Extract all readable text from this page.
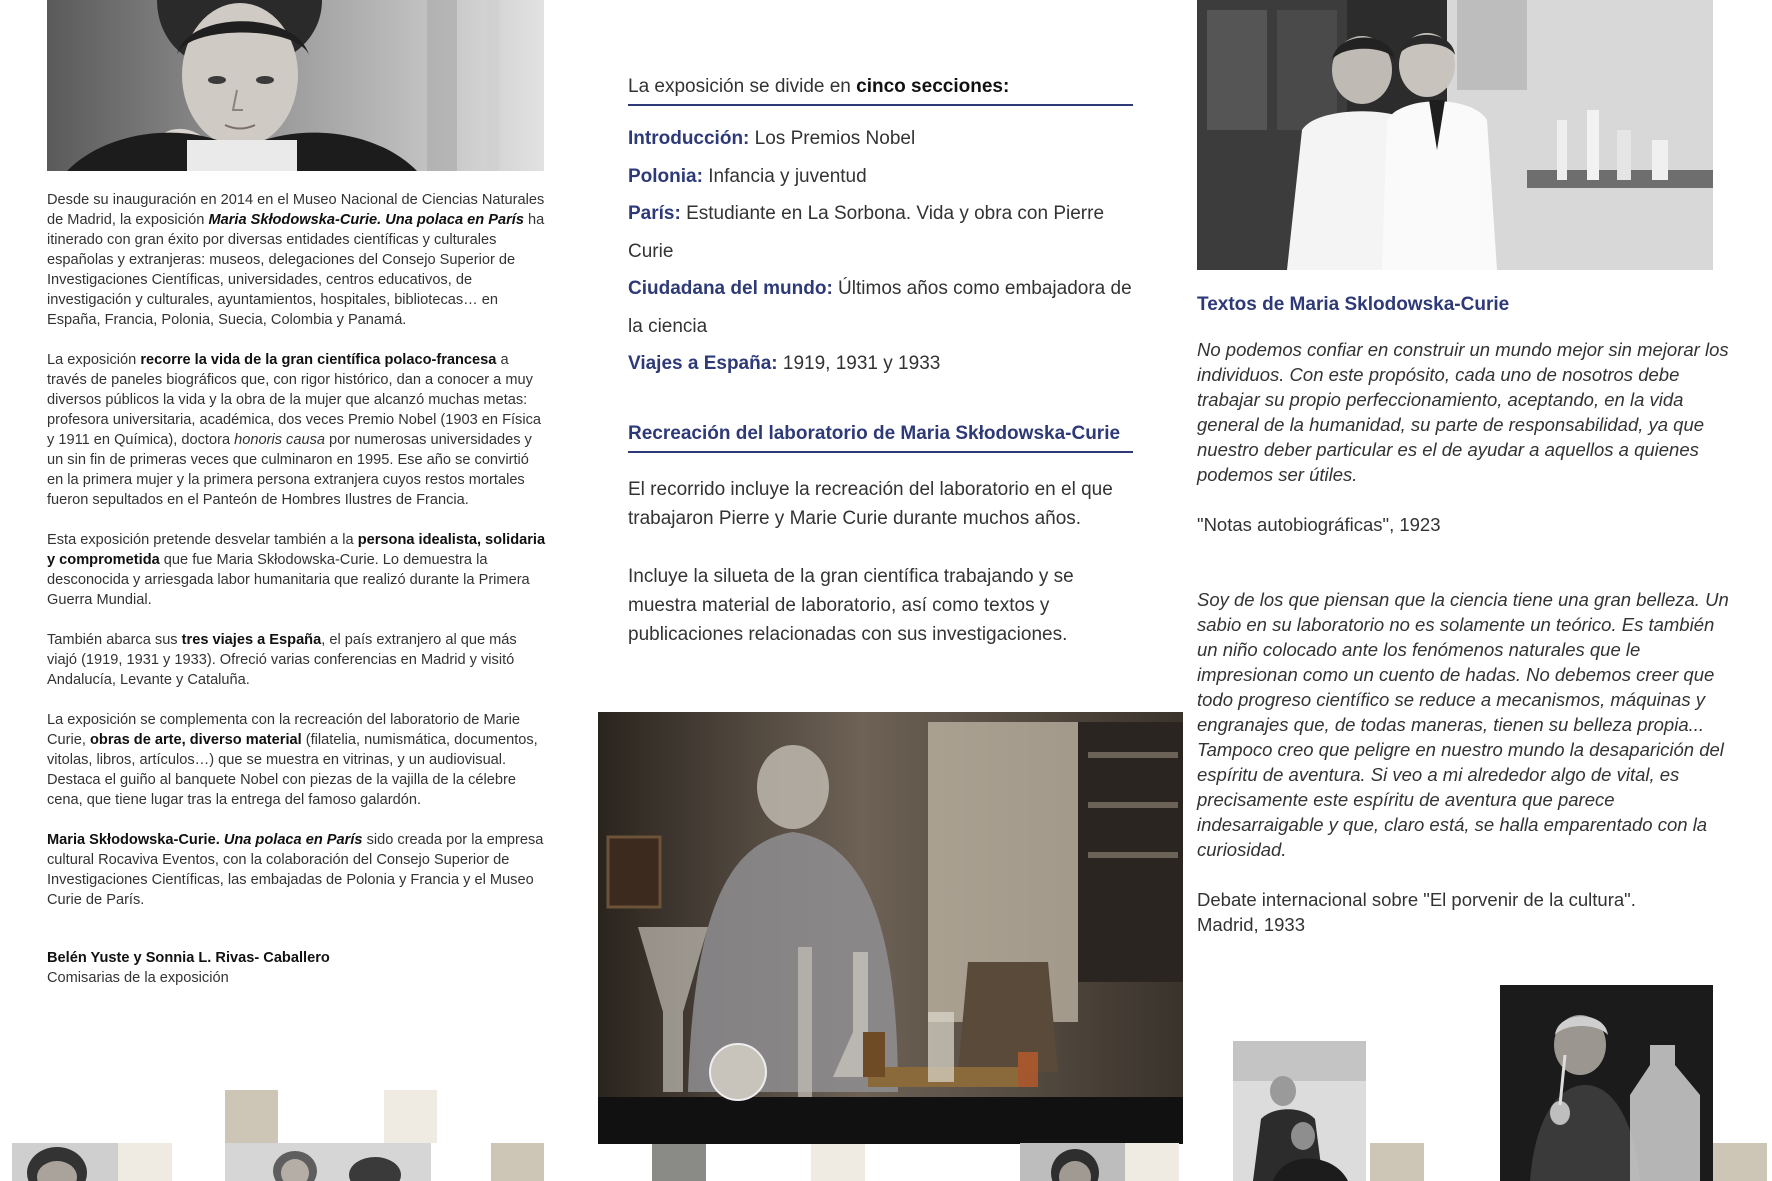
Desde su inauguración en 2014 en el Museo Nacional de Ciencias Naturales de Madrid, la exposición Maria Skłodowska-Curie. Una polaca en París ha itinerado con gran éxito por diversas entidades científicas y culturales españolas y extranjeras: museos, delegaciones del Consejo Superior de Investigaciones Científicas, universidades, centros educativos, de investigación y culturales, ayuntamientos, hospitales, bibliotecas… en España, Francia, Polonia, Suecia, Colombia y Panamá.

La exposición recorre la vida de la gran científica polaco-francesa a través de paneles biográficos que, con rigor histórico, dan a conocer a muy diversos públicos la vida y la obra de la mujer que alcanzó muchas metas: profesora universitaria, académica, dos veces Premio Nobel (1903 en Física y 1911 en Química), doctora honoris causa por numerosas universidades y un sin fin de primeras veces que culminaron en 1995. Ese año se convirtió en la primera mujer y la primera persona extranjera cuyos restos mortales fueron sepultados en el Panteón de Hombres Ilustres de Francia.

Esta exposición pretende desvelar también a la persona idealista, solidaria y comprometida que fue Maria Skłodowska-Curie. Lo demuestra la desconocida y arriesgada labor humanitaria que realizó durante la Primera Guerra Mundial.

También abarca sus tres viajes a España, el país extranjero al que más viajó (1919, 1931 y 1933). Ofreció varias conferencias en Madrid y visitó Andalucía, Levante y Cataluña.

La exposición se complementa con la recreación del laboratorio de Marie Curie, obras de arte, diverso material (filatelia, numismática, documentos, vitolas, libros, artículos…) que se muestra en vitrinas, y un audiovisual. Destaca el guiño al banquete Nobel con piezas de la vajilla de la célebre cena, que tiene lugar tras la entrega del famoso galardón.

Maria Skłodowska-Curie. Una polaca en París sido creada por la empresa cultural Rocaviva Eventos, con la colaboración del Consejo Superior de Investigaciones Científicas, las embajadas de Polonia y Francia y el Museo Curie de París.

Belén Yuste y Sonnia L. Rivas- Caballero
Comisarias de la exposición
La exposición se divide en cinco secciones:
Introducción: Los Premios Nobel
Polonia: Infancia y juventud
París: Estudiante en La Sorbona. Vida y obra con Pierre Curie
Ciudadana del mundo: Últimos años como embajadora de la ciencia
Viajes a España: 1919, 1931 y 1933
Recreación del laboratorio de Maria Skłodowska-Curie

El recorrido incluye la recreación del laboratorio en el que trabajaron Pierre y Marie Curie durante muchos años.

Incluye la silueta de la gran científica trabajando y se muestra material de laboratorio, así como textos y publicaciones relacionadas con sus investigaciones.

Textos de Maria Sklodowska-Curie

No podemos confiar en construir un mundo mejor sin mejorar los individuos. Con este propósito, cada uno de nosotros debe trabajar su propio perfeccionamiento, aceptando, en la vida general de la humanidad, su parte de responsabilidad, ya que nuestro deber particular es el de ayudar a aquellos a quienes podemos ser útiles.

"Notas autobiográficas", 1923

Soy de los que piensan que la ciencia tiene una gran belleza. Un sabio en su laboratorio no es solamente un teórico. Es también un niño colocado ante los fenómenos naturales que le impresionan como un cuento de hadas. No debemos creer que todo progreso científico se reduce a mecanismos, máquinas y engranajes que, de todas maneras, tienen su belleza propia... Tampoco creo que peligre en nuestro mundo la desaparición del espíritu de aventura. Si veo a mi alrededor algo de vital, es precisamente este espíritu de aventura que parece indesarraigable y que, claro está, se halla emparentado con la curiosidad.

Debate internacional sobre "El porvenir de la cultura". Madrid, 1933
